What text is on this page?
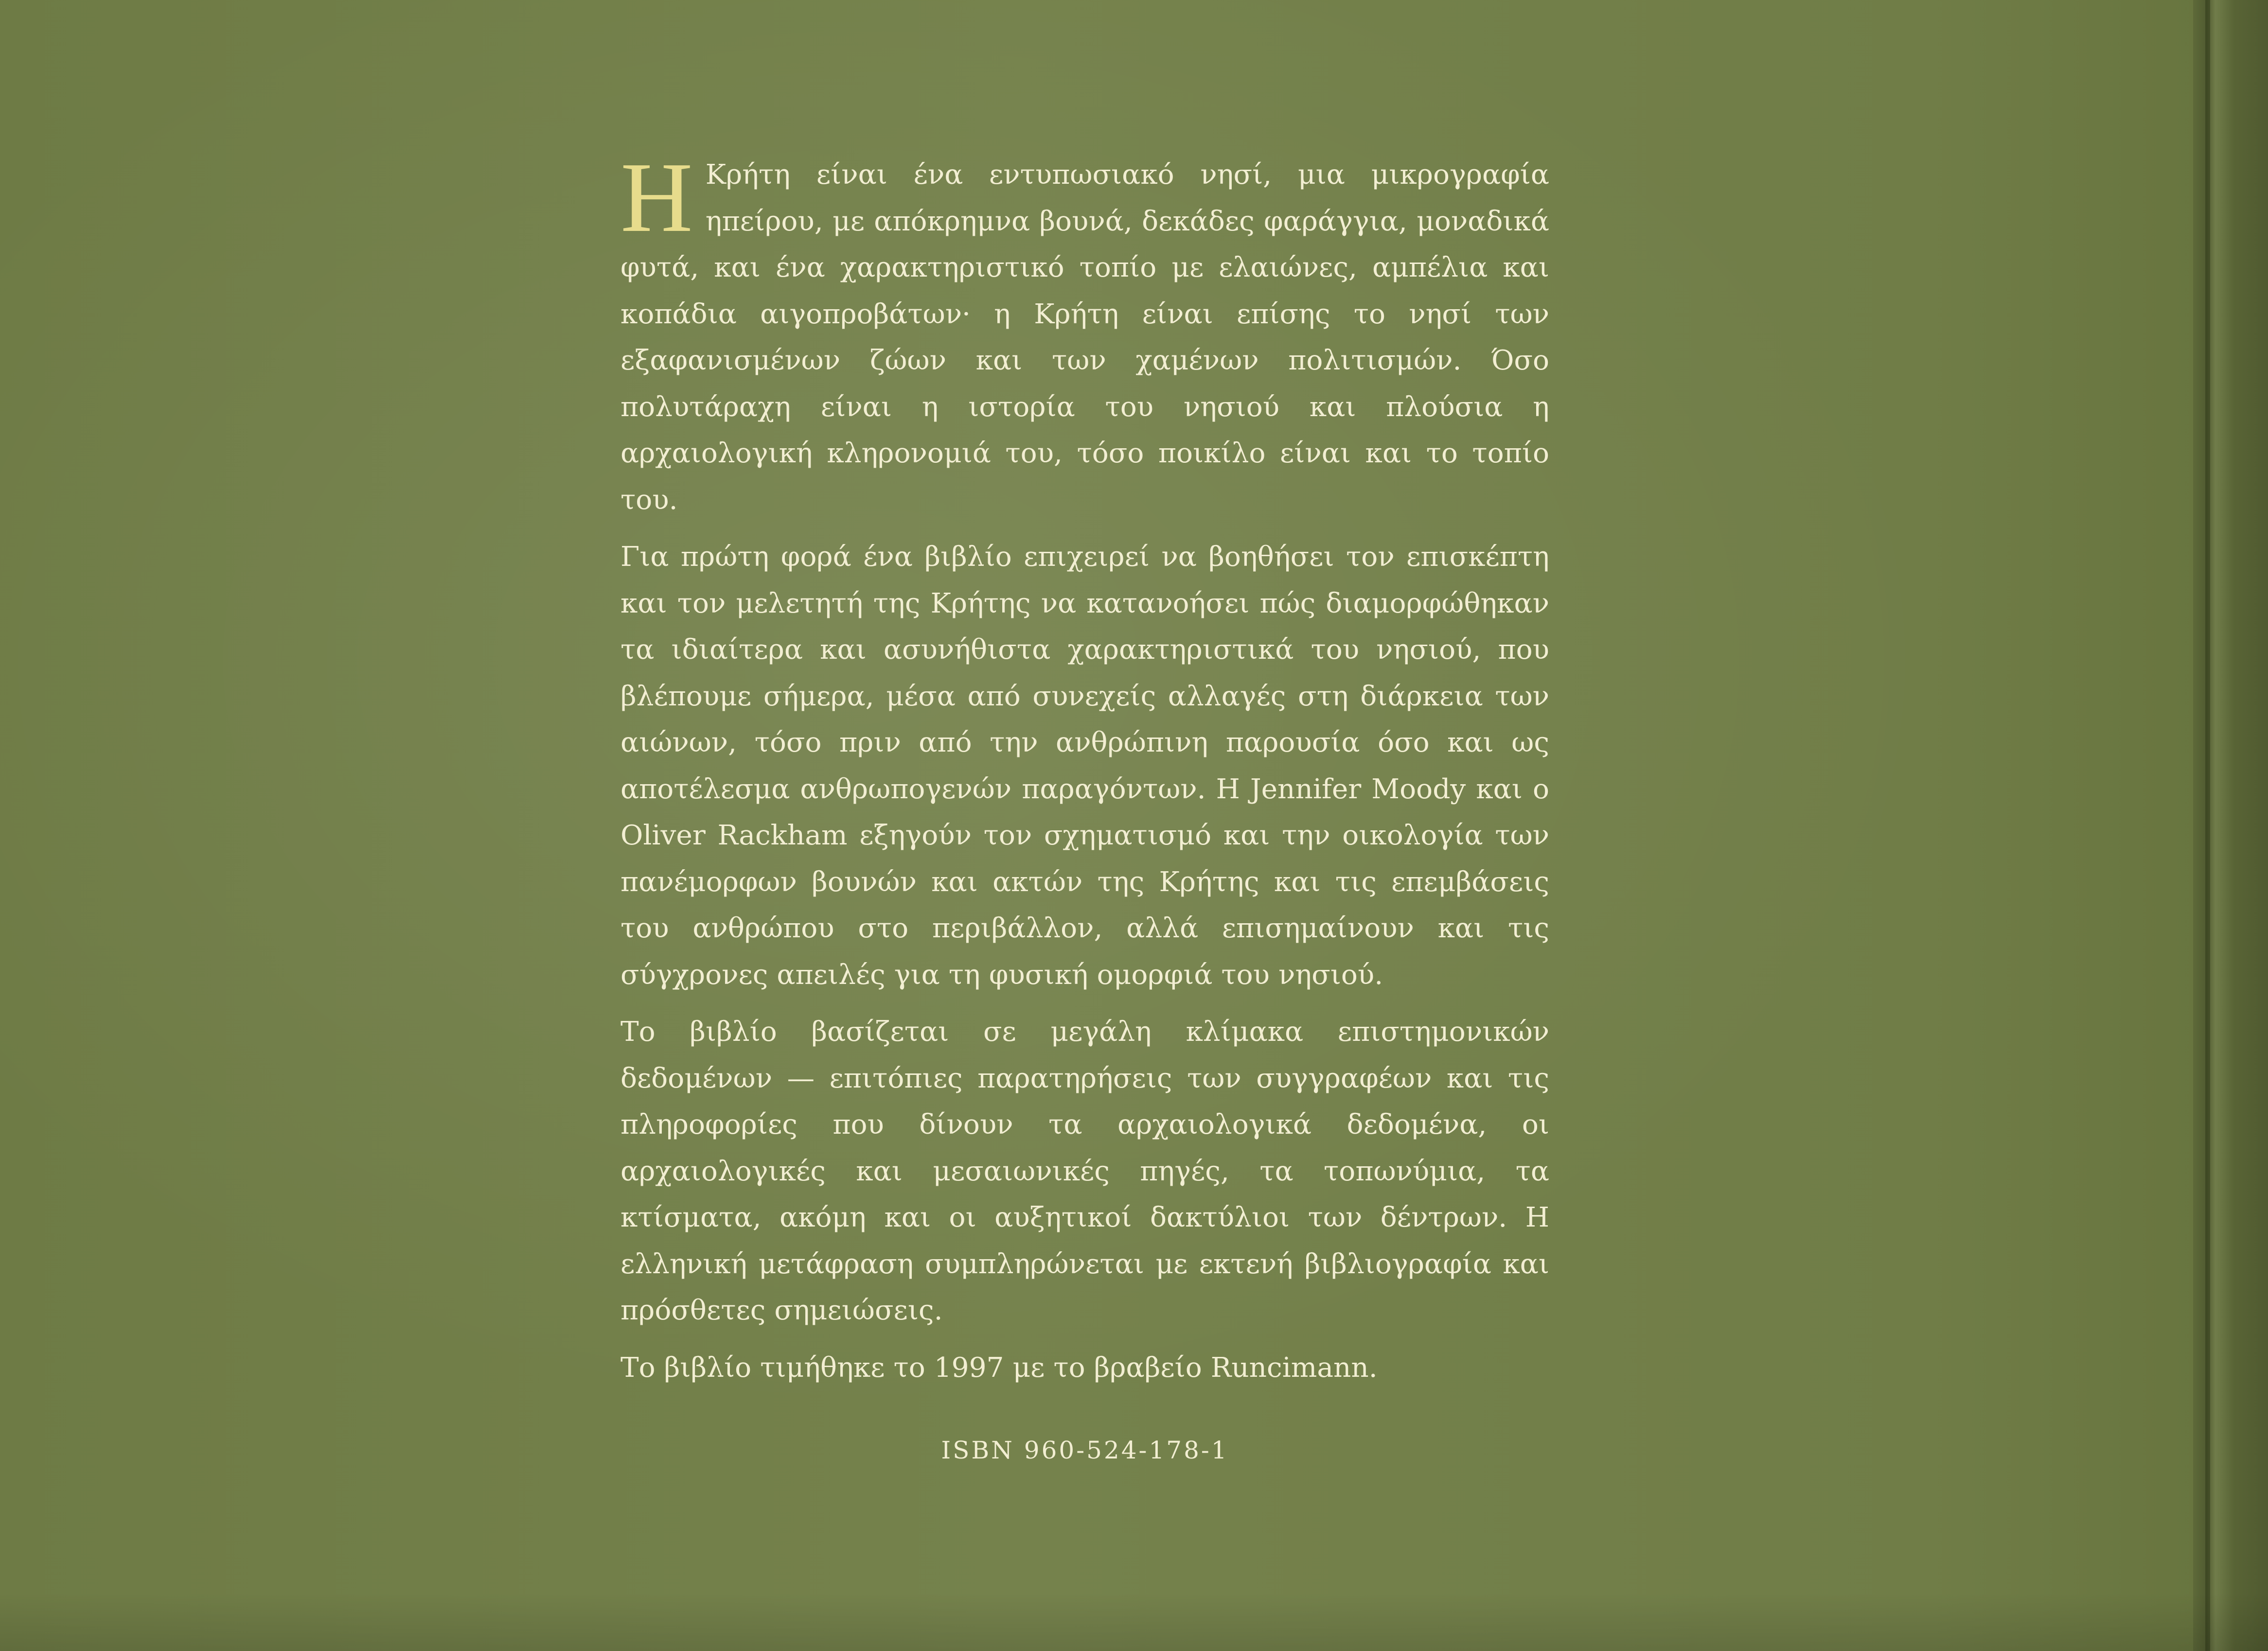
Η Κρήτη είναι ένα εντυπωσιακό νησί, μια μικρογραφία ηπείρου, με απόκρημνα βουνά, δεκάδες φαράγγια, μοναδικά φυτά, και ένα χαρακτηριστικό τοπίο με ελαιώνες, αμπέλια και κοπάδια αιγοπροβάτων· η Κρήτη είναι επίσης το νησί των εξαφανισμένων ζώων και των χαμένων πολιτισμών. Όσο πολυτάραχη είναι η ιστορία του νησιού και πλούσια η αρχαιολογική κληρονομιά του, τόσο ποικίλο είναι και το τοπίο του.

Για πρώτη φορά ένα βιβλίο επιχειρεί να βοηθήσει τον επισκέπτη και τον μελετητή της Κρήτης να κατανοήσει πώς διαμορφώθηκαν τα ιδιαίτερα και ασυνήθιστα χαρακτηριστικά του νησιού, που βλέπουμε σήμερα, μέσα από συνεχείς αλλαγές στη διάρκεια των αιώνων, τόσο πριν από την ανθρώπινη παρουσία όσο και ως αποτέλεσμα ανθρωπογενών παραγόντων. Η Jennifer Moody και ο Oliver Rackham εξηγούν τον σχηματισμό και την οικολογία των πανέμορφων βουνών και ακτών της Κρήτης και τις επεμβάσεις του ανθρώπου στο περιβάλλον, αλλά επισημαίνουν και τις σύγχρονες απειλές για τη φυσική ομορφιά του νησιού.

Το βιβλίο βασίζεται σε μεγάλη κλίμακα επιστημονικών δεδομένων — επιτόπιες παρατηρήσεις των συγγραφέων και τις πληροφορίες που δίνουν τα αρχαιολογικά δεδομένα, οι αρχαιολογικές και μεσαιωνικές πηγές, τα τοπωνύμια, τα κτίσματα, ακόμη και οι αυξητικοί δακτύλιοι των δέντρων. Η ελληνική μετάφραση συμπληρώνεται με εκτενή βιβλιογραφία και πρόσθετες σημειώσεις.

Το βιβλίο τιμήθηκε το 1997 με το βραβείο Runcimann.

ISBN 960-524-178-1
